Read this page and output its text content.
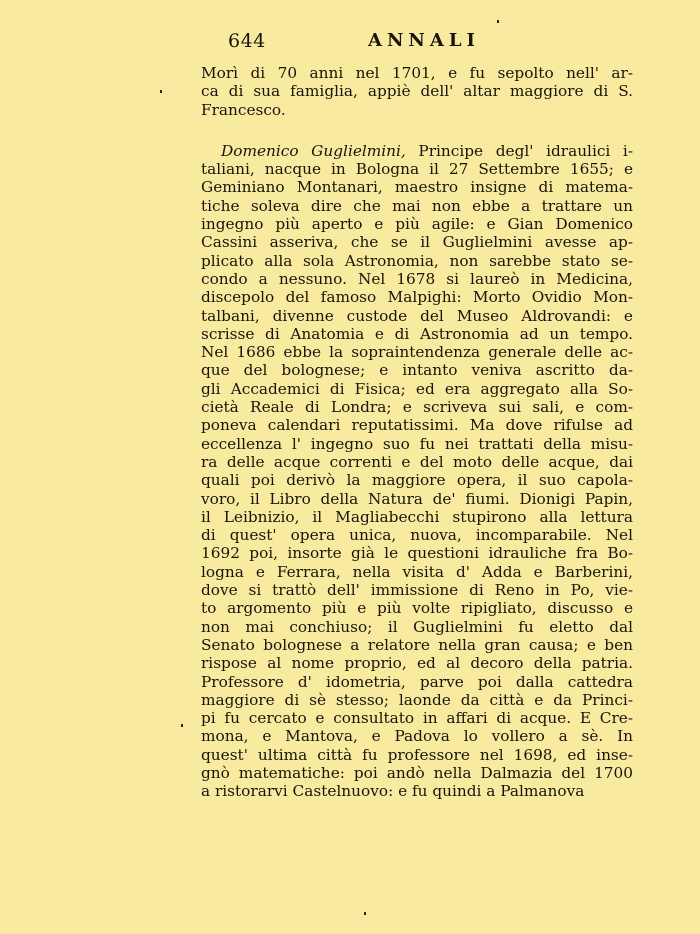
644	ANNALI
Morì di 70 anni nel 1701, e fu sepolto nell' ar-
ca di sua famiglia, appiè dell' altar maggiore di S.
Francesco.
Domenico Guglielmini, Principe degl' idraulici i-
taliani, nacque in Bologna il 27 Settembre 1655; e
Geminiano Montanari, maestro insigne di matema-
tiche soleva dire che mai non ebbe a trattare un
ingegno più aperto e più agile: e Gian Domenico
Cassini asseriva, che se il Guglielmini avesse ap-
plicato alla sola Astronomia, non sarebbe stato se-
condo a nessuno. Nel 1678 si laureò in Medicina,
discepolo del famoso Malpighi: Morto Ovidio Mon-
talbani, divenne custode del Museo Aldrovandi: e
scrisse di Anatomia e di Astronomia ad un tempo.
Nel 1686 ebbe la sopraintendenza generale delle ac-
que del bolognese; e intanto veniva ascritto da-
gli Accademici di Fisica; ed era aggregato alla So-
cietà Reale di Londra; e scriveva sui sali, e com-
poneva calendari reputatissimi. Ma dove rifulse ad
eccellenza l' ingegno suo fu nei trattati della misu-
ra delle acque correnti e del moto delle acque, dai
quali poi derivò la maggiore opera, il suo capola-
voro, il Libro della Natura de' fiumi. Dionigi Papin,
il Leibnizio, il Magliabecchi stupirono alla lettura
di quest' opera unica, nuova, incomparabile. Nel
1692 poi, insorte già le questioni idrauliche fra Bo-
logna e Ferrara, nella visita d' Adda e Barberini,
dove si trattò dell' immissione di Reno in Po, vie-
to argomento più e più volte ripigliato, discusso e
non mai conchiuso; il Guglielmini fu eletto dal
Senato bolognese a relatore nella gran causa; e ben
rispose al nome proprio, ed al decoro della patria.
Professore d' idometria, parve poi dalla cattedra
maggiore di sè stesso; laonde da città e da Princi-
pi fu cercato e consultato in affari di acque. E Cre-
mona, e Mantova, e Padova lo vollero a sè. In
quest' ultima città fu professore nel 1698, ed inse-
gnò matematiche: poi andò nella Dalmazia del 1700
a ristorarvi Castelnuovo: e fu quindi a Palmanova
